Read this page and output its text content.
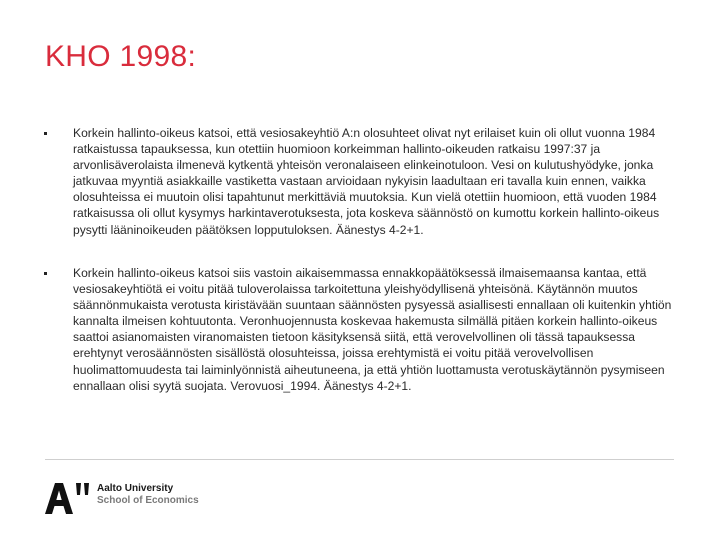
KHO 1998:
Korkein hallinto-oikeus katsoi, että vesiosakeyhtiö A:n olosuhteet olivat nyt erilaiset kuin oli ollut vuonna 1984 ratkaistussa tapauksessa, kun otettiin huomioon korkeimman hallinto-oikeuden ratkaisu 1997:37 ja arvonlisäverolaista ilmenevä kytkentä yhteisön veronalaiseen elinkeinotuloon. Vesi on kulutushyödyke, jonka jatkuvaa myyntiä asiakkaille vastiketta vastaan arvioidaan nykyisin laadultaan eri tavalla kuin ennen, vaikka olosuhteissa ei muutoin olisi tapahtunut merkittäviä muutoksia. Kun vielä otettiin huomioon, että vuoden 1984 ratkaisussa oli ollut kysymys harkintaverotuksesta, jota koskeva säännöstö on kumottu korkein hallinto-oikeus pysytti lääninoikeuden päätöksen lopputuloksen. Äänestys 4-2+1.
Korkein hallinto-oikeus katsoi siis vastoin aikaisemmassa ennakkopäätöksessä ilmaisemaansa kantaa, että vesiosakeyhtiötä ei voitu pitää tuloverolaissa tarkoitettuna yleishyödyllisenä yhteisönä. Käytännön muutos säännönmukaista verotusta kiristävään suuntaan säännösten pysyessä asiallisesti ennallaan oli kuitenkin yhtiön kannalta ilmeisen kohtuutonta. Veronhuojennusta koskevaa hakemusta silmällä pitäen korkein hallinto-oikeus saattoi asianomaisten viranomaisten tietoon käsityksensä siitä, että verovelvollinen oli tässä tapauksessa erehtynyt verosäännösten sisällöstä olosuhteissa, joissa erehtymistä ei voitu pitää verovelvollisen huolimattomuudesta tai laiminlyönnistä aiheutuneena, ja että yhtiön luottamusta verotuskäytännön pysymiseen ennallaan olisi syytä suojata. Verovuosi_1994. Äänestys 4-2+1.
Aalto University
School of Economics
